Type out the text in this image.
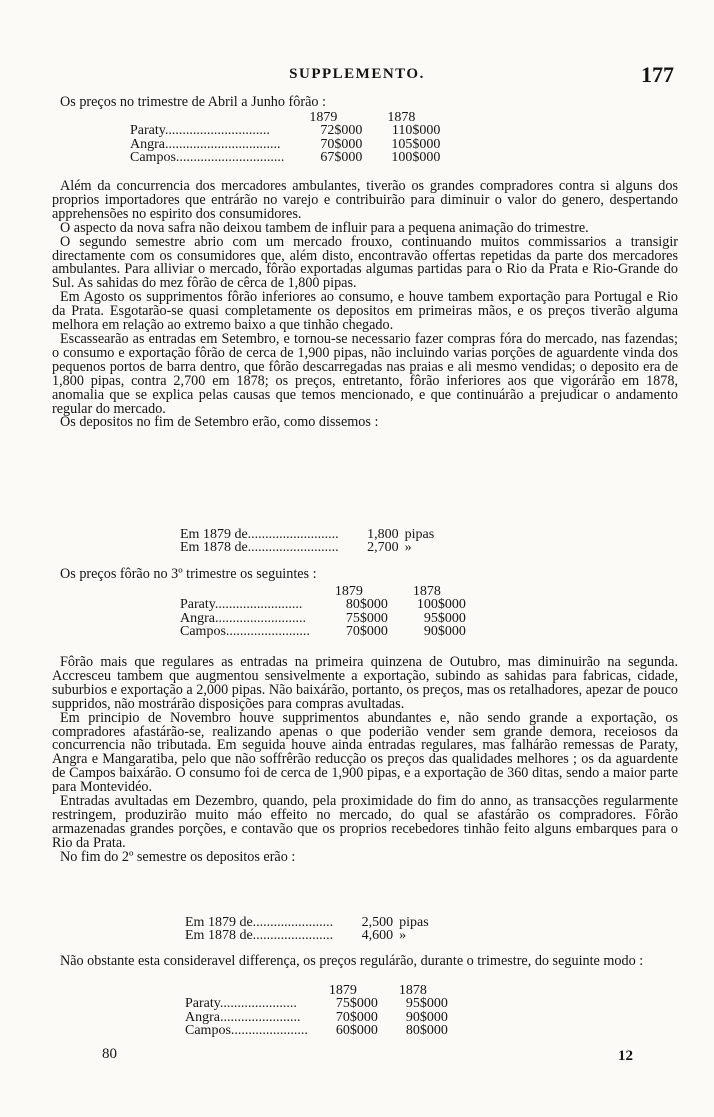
SUPPLEMENTO.	177

Os preços no trimestre de Abril a Junho fôrão :

	1879	1878
Paraty..............................	72$000	110$000
Angra.................................	70$000	105$000
Campos...............................	67$000	100$000

Além da concurrencia dos mercadores ambulantes, tiverão os grandes compradores contra si alguns dos proprios importadores que entrárão no varejo e contribuirão para diminuir o valor do genero, despertando apprehensões no espirito dos consumidores.

O aspecto da nova safra não deixou tambem de influir para a pequena animação do trimestre.

O segundo semestre abrio com um mercado frouxo, continuando muitos commissarios a transigir directamente com os consumidores que, além disto, encontravão offertas repetidas da parte dos mercadores ambulantes. Para alliviar o mercado, fôrão exportadas algumas partidas para o Rio da Prata e Rio-Grande do Sul. As sahidas do mez fôrão de cêrca de 1,800 pipas.

Em Agosto os supprimentos fôrão inferiores ao consumo, e houve tambem exportação para Portugal e Rio da Prata. Esgotarão-se quasi completamente os depositos em primeiras mãos, e os preços tiverão alguma melhora em relação ao extremo baixo a que tinhão chegado.

Escassearão as entradas em Setembro, e tornou-se necessario fazer compras fóra do mercado, nas fazendas; o consumo e exportação fôrão de cerca de 1,900 pipas, não incluindo varias porções de aguardente vinda dos pequenos portos de barra dentro, que fôrão descarregadas nas praias e ali mesmo vendidas; o deposito era de 1,800 pipas, contra 2,700 em 1878; os preços, entretanto, fôrão inferiores aos que vigorárão em 1878, anomalia que se explica pelas causas que temos mencionado, e que continuárão a prejudicar o andamento regular do mercado.

Os depositos no fim de Setembro erão, como dissemos :

Em 1879 de..........................	1,800	pipas
Em 1878 de..........................	2,700	»

Os preços fôrão no 3º trimestre os seguintes :

	1879	1878
Paraty.........................	80$000	100$000
Angra..........................	75$000	95$000
Campos........................	70$000	90$000

Fôrão mais que regulares as entradas na primeira quinzena de Outubro, mas diminuirão na segunda. Accresceu tambem que augmentou sensivelmente a exportação, subindo as sahidas para fabricas, cidade, suburbios e exportação a 2,000 pipas. Não baixárão, portanto, os preços, mas os retalhadores, apezar de pouco suppridos, não mostrárão disposições para compras avultadas.

Em principio de Novembro houve supprimentos abundantes e, não sendo grande a exportação, os compradores afastárão-se, realizando apenas o que poderião vender sem grande demora, receiosos da concurrencia não tributada. Em seguida houve ainda entradas regulares, mas falhárão remessas de Paraty, Angra e Mangaratiba, pelo que não soffrêrão reducção os preços das qualidades melhores ; os da aguardente de Campos baixárão. O consumo foi de cerca de 1,900 pipas, e a exportação de 360 ditas, sendo a maior parte para Montevidéo.

Entradas avultadas em Dezembro, quando, pela proximidade do fim do anno, as transacções regularmente restringem, produzirão muito máo effeito no mercado, do qual se afastárão os compradores. Fôrão armazenadas grandes porções, e contavão que os proprios recebedores tinhão feito alguns embarques para o Rio da Prata.

No fim do 2º semestre os depositos erão :

Em 1879 de.......................	2,500	pipas
Em 1878 de.......................	4,600	»

Não obstante esta consideravel differença, os preços regulárão, durante o trimestre, do seguinte modo :

	1879	1878
Paraty......................	75$000	95$000
Angra.......................	70$000	90$000
Campos......................	60$000	80$000
80	12
